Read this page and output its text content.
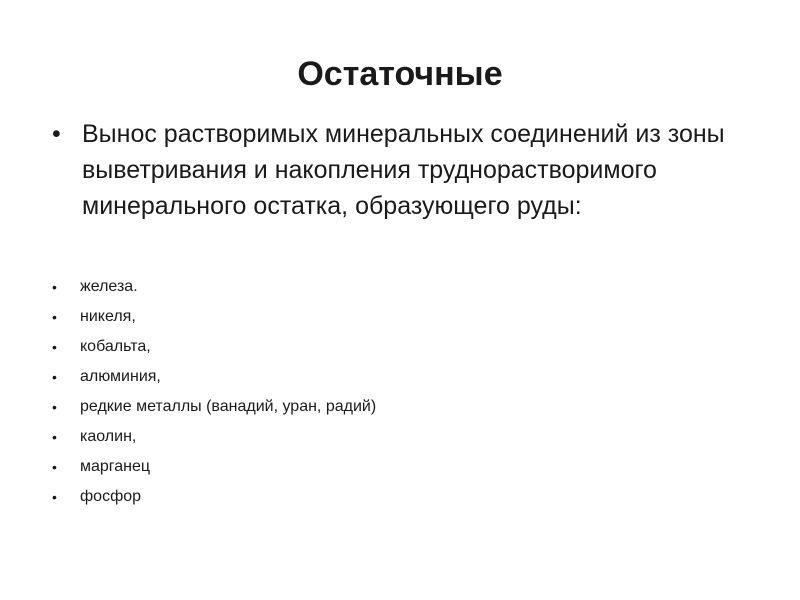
Остаточные
• Вынос растворимых минеральных соединений из зоны выветривания и накопления труднорастворимого минерального остатка, образующего руды:
• железа.
• никеля,
• кобальта,
• алюминия,
• редкие металлы (ванадий, уран, радий)
• каолин,
• марганец
• фосфор
